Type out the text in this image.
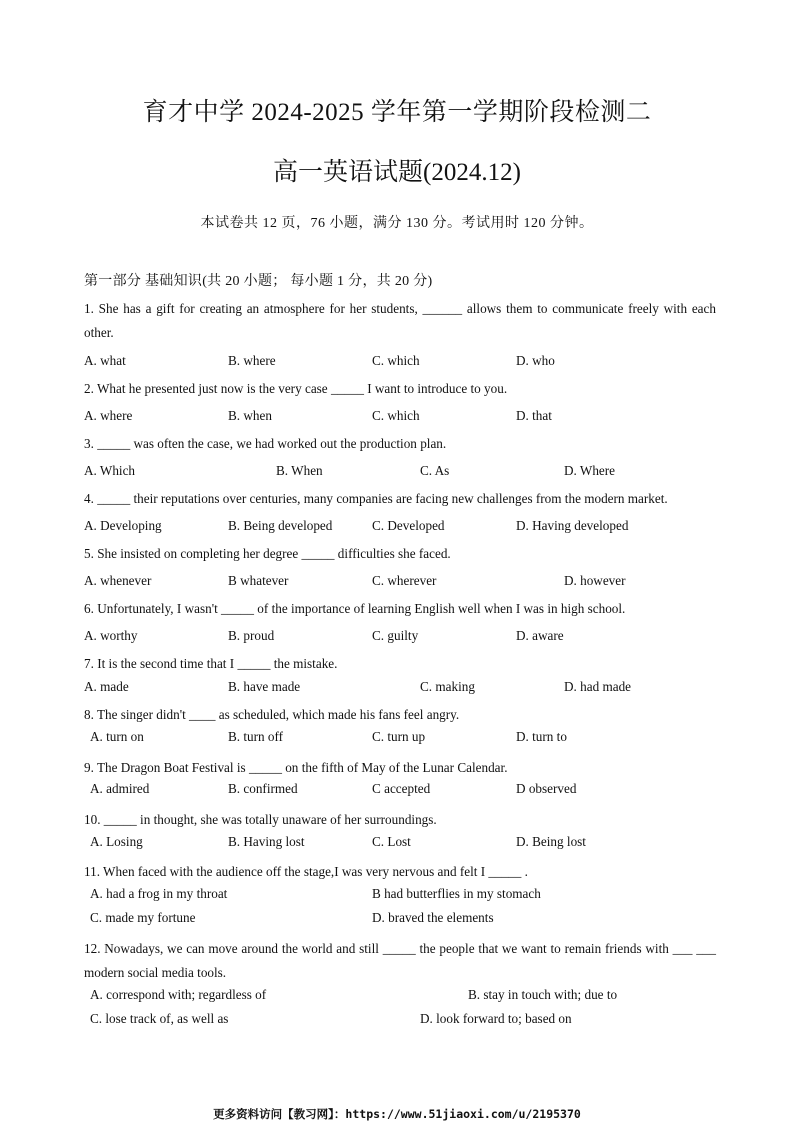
育才中学 2024-2025 学年第一学期阶段检测二
高一英语试题(2024.12)
本试卷共 12 页，76 小题，满分 130 分。考试用时 120 分钟。
第一部分 基础知识(共 20 小题； 每小题 1 分，共 20 分)

1. She has a gift for creating an atmosphere for her students, ______ allows them to communicate freely with each other.

A. what	B. where	C. which	D. who

2. What he presented just now is the very case _____ I want to introduce to you.

A. where	B. when	C. which	D. that

3. _____ was often the case, we had worked out the production plan.

A. Which	B. When	C. As	D. Where

4. _____ their reputations over centuries, many companies are facing new challenges from the modern market.

A. Developing	B. Being developed	C. Developed	D. Having developed

5. She insisted on completing her degree _____ difficulties she faced.

A. whenever	B whatever	C. wherever	D. however

6. Unfortunately, I wasn't _____ of the importance of learning English well when I was in high school.

A. worthy	B. proud	C. guilty	D. aware

7. It is the second time that I _____ the mistake.

A. made	B. have made	C. making	D. had made

8. The singer didn't ____ as scheduled, which made his fans feel angry.

A. turn on	B. turn off	C. turn up	D. turn to

9. The Dragon Boat Festival is _____ on the fifth of May of the Lunar Calendar.

A. admired	B. confirmed	C accepted	D observed

10. _____ in thought, she was totally unaware of her surroundings.

A. Losing	B. Having lost	C. Lost	D. Being lost

11. When faced with the audience off the stage,I was very nervous and felt I _____ .

A. had a frog in my throat	B had butterflies in my stomach
C. made my fortune	D. braved the elements

12. Nowadays, we can move around the world and still _____ the people that we want to remain friends with ___ ___ modern social media tools.

A. correspond with; regardless of	B. stay in touch with; due to
C. lose track of, as well as	D. look forward to; based on
更多资料访问【教习网】：https://www.51jiaoxi.com/u/2195370
